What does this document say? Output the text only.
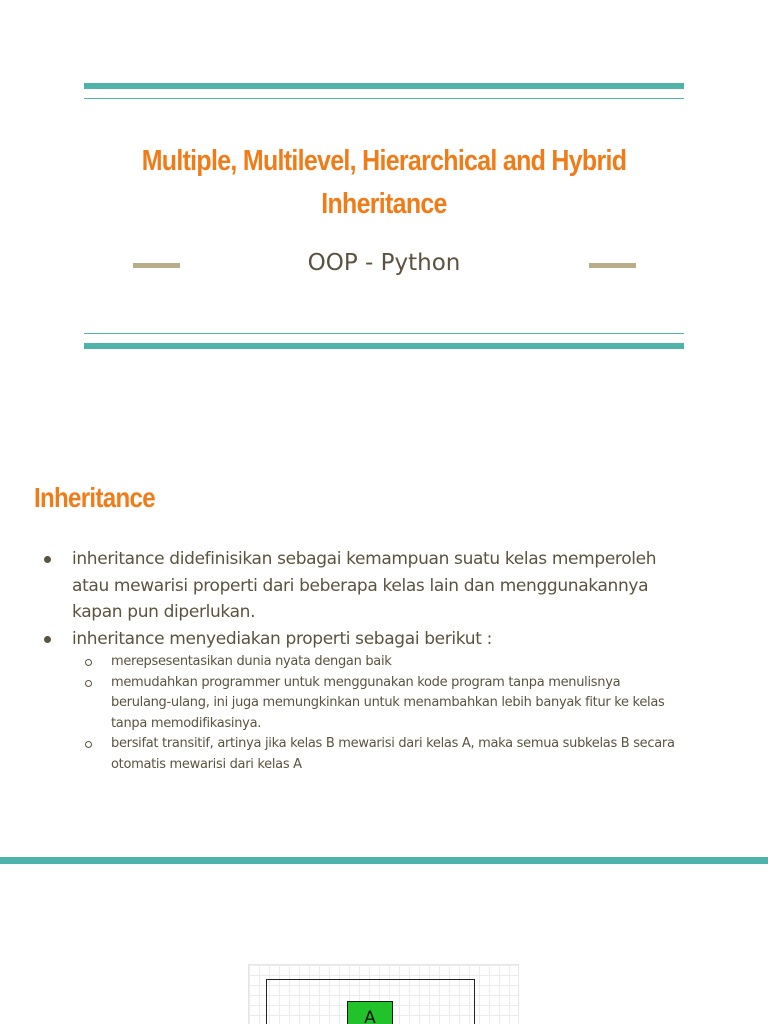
Multiple, Multilevel, Hierarchical and Hybrid
Inheritance
OOP - Python
Inheritance
inheritance didefinisikan sebagai kemampuan suatu kelas memperoleh
atau mewarisi properti dari beberapa kelas lain dan menggunakannya
kapan pun diperlukan.
inheritance menyediakan properti sebagai berikut :
merepsesentasikan dunia nyata dengan baik
memudahkan programmer untuk menggunakan kode program tanpa menulisnya
berulang-ulang, ini juga memungkinkan untuk menambahkan lebih banyak fitur ke kelas
tanpa memodifikasinya.
bersifat transitif, artinya jika kelas B mewarisi dari kelas A, maka semua subkelas B secara
otomatis mewarisi dari kelas A
A
